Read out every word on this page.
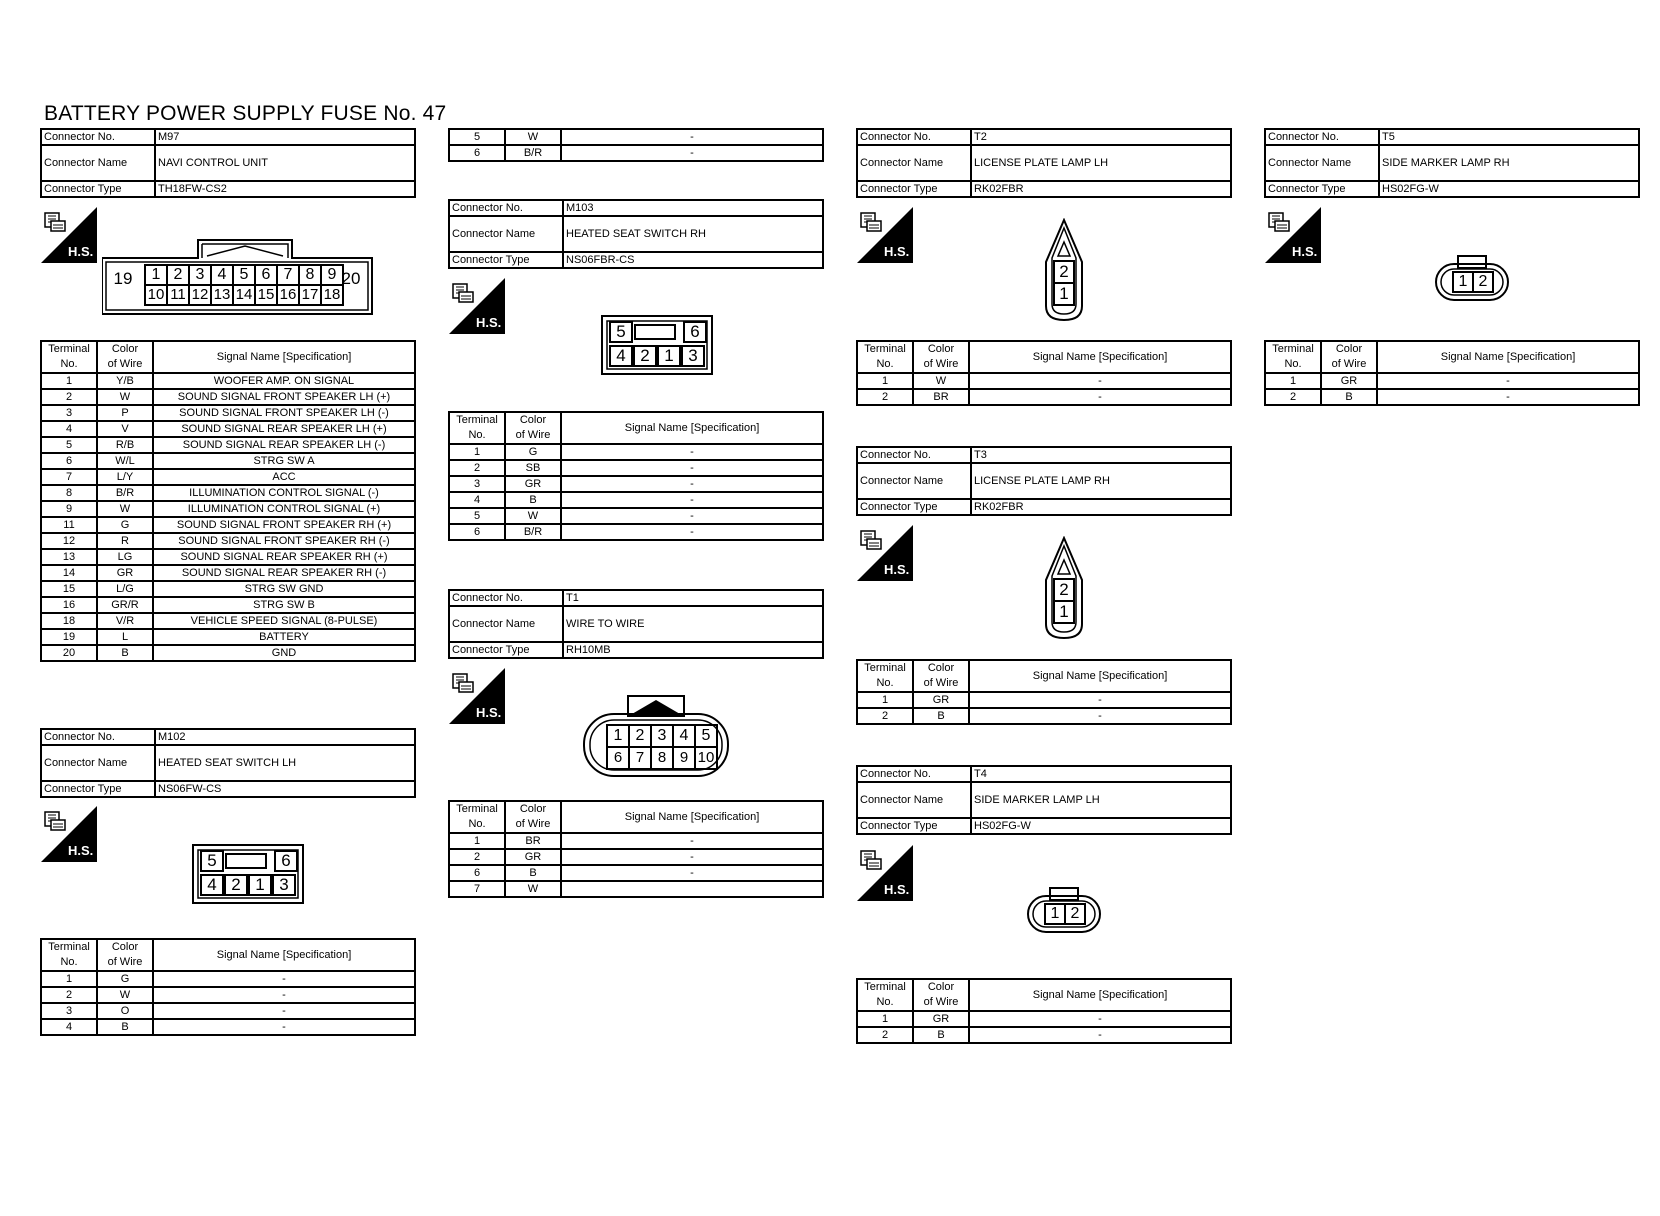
BATTERY POWER SUPPLY FUSE No. 47
Connector No.	M97
Connector Name	NAVI CONTROL UNIT
Connector Type	TH18FW-CS2
H.S.
19	20
1 2 3 4 5 6 7 8 9
10 11 12 13 14 15 16 17 18
Terminal
No.	Color
of Wire	Signal Name [Specification]
1	Y/B	WOOFER AMP. ON SIGNAL
2	W	SOUND SIGNAL FRONT SPEAKER LH (+)
3	P	SOUND SIGNAL FRONT SPEAKER LH (-)
4	V	SOUND SIGNAL REAR SPEAKER LH (+)
5	R/B	SOUND SIGNAL REAR SPEAKER LH (-)
6	W/L	STRG SW A
7	L/Y	ACC
8	B/R	ILLUMINATION CONTROL SIGNAL (-)
9	W	ILLUMINATION CONTROL SIGNAL (+)
11	G	SOUND SIGNAL FRONT SPEAKER RH (+)
12	R	SOUND SIGNAL FRONT SPEAKER RH (-)
13	LG	SOUND SIGNAL REAR SPEAKER RH (+)
14	GR	SOUND SIGNAL REAR SPEAKER RH (-)
15	L/G	STRG SW GND
16	GR/R	STRG SW B
18	V/R	VEHICLE SPEED SIGNAL (8-PULSE)
19	L	BATTERY
20	B	GND
Connector No.	M102
Connector Name	HEATED SEAT SWITCH LH
Connector Type	NS06FW-CS
H.S.
5	6
4 2 1 3
Terminal
No.	Color
of Wire	Signal Name [Specification]
1	G	-
2	W	-
3	O	-
4	B	-
5	W	-
6	B/R	-
Connector No.	M103
Connector Name	HEATED SEAT SWITCH RH
Connector Type	NS06FBR-CS
H.S.	5	6
4 2 1 3
Terminal
No.	Color
of Wire	Signal Name [Specification]
1	G	-
2	SB	-
3	GR	-
4	B	-
5	W	-
6	B/R	-
Connector No.	T1
Connector Name	WIRE TO WIRE
Connector Type	RH10MB
H.S.
1 2 3 4 5
6 7 8 9 10
Terminal
No.	Color
of Wire	Signal Name [Specification]
1	BR	-
2	GR	-
6	B	-
7	W	
Connector No.	T2
Connector Name	LICENSE PLATE LAMP LH
Connector Type	RK02FBR
H.S.
2
1
Terminal
No.	Color
of Wire	Signal Name [Specification]
1	W	-
2	BR	-
Connector No.	T3
Connector Name	LICENSE PLATE LAMP RH
Connector Type	RK02FBR
H.S.
2
1
Terminal
No.	Color
of Wire	Signal Name [Specification]
1	GR	-
2	B	-
Connector No.	T4
Connector Name	SIDE MARKER LAMP LH
Connector Type	HS02FG-W
H.S.
1 2
Terminal
No.	Color
of Wire	Signal Name [Specification]
1	GR	-
2	B	-
Connector No.	T5
Connector Name	SIDE MARKER LAMP RH
Connector Type	HS02FG-W
H.S.
1 2
Terminal
No.	Color
of Wire	Signal Name [Specification]
1	GR	-
2	B	-
